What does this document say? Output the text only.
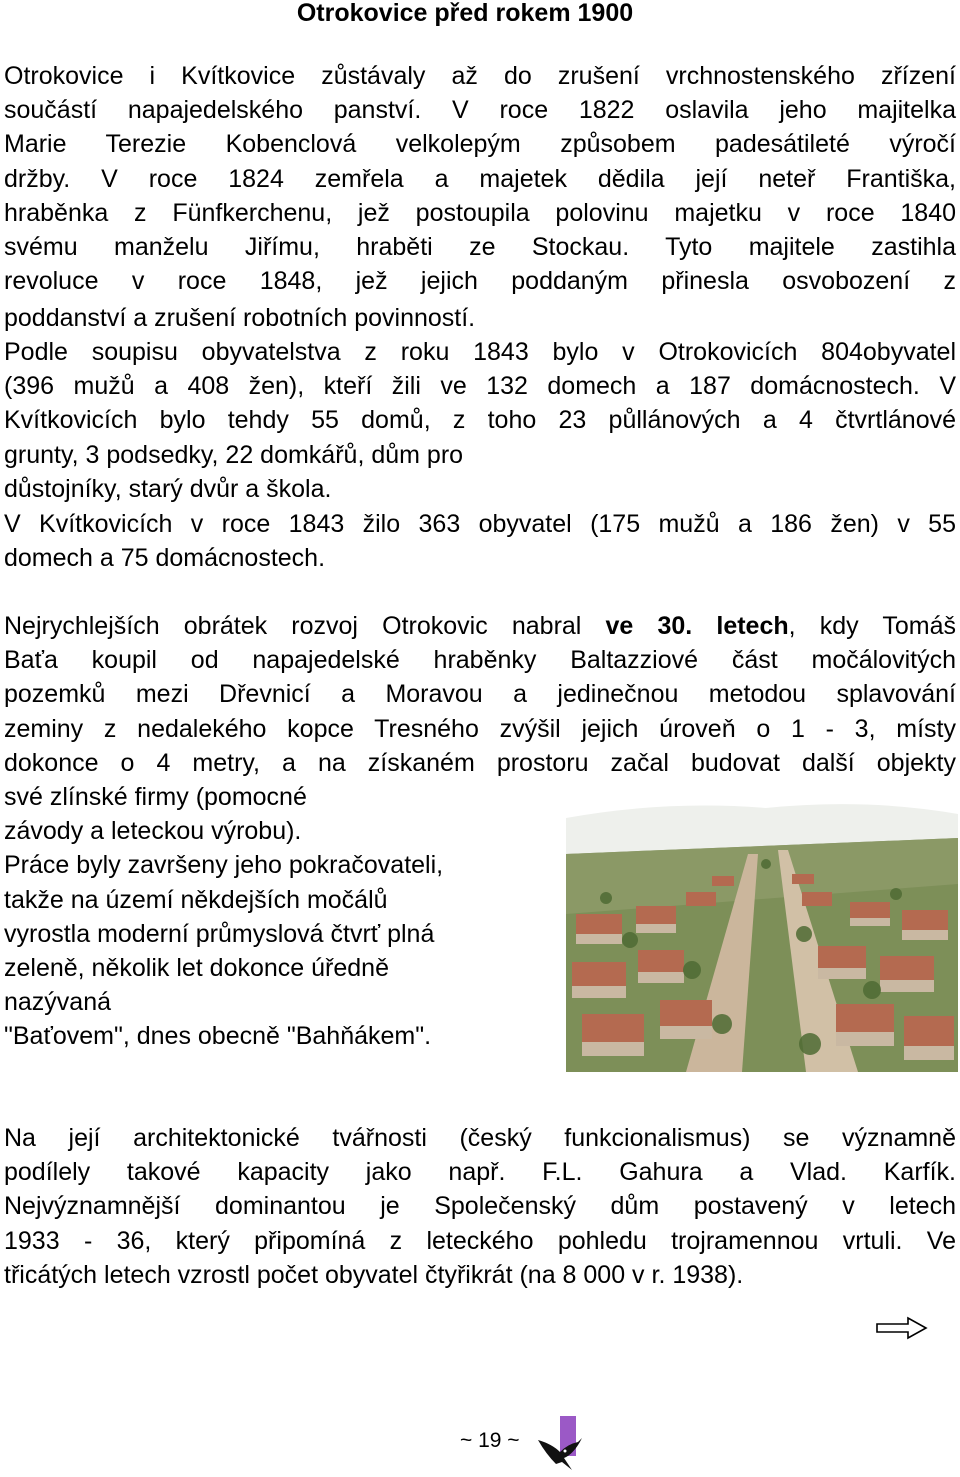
Otrokovice před rokem 1900
Otrokovice i Kvítkovice zůstávaly až do zrušení vrchnostenského zřízení
součástí napajedelského panství. V roce 1822 oslavila jeho majitelka
Marie Terezie Kobenclová velkolepým způsobem padesátileté výročí
držby. V roce 1824 zemřela a majetek dědila její neteř Františka,
hraběnka z Fünfkerchenu, jež postoupila polovinu majetku v roce 1840
svému manželu Jiřímu, hraběti ze Stockau. Tyto majitele zastihla
revoluce v roce 1848, jež jejich poddaným přinesla osvobození z
poddanství a zrušení robotních povinností.
Podle soupisu obyvatelstva z roku 1843 bylo v Otrokovicích 804obyvatel
(396 mužů a 408 žen), kteří žili ve 132 domech a 187 domácnostech. V
Kvítkovicích bylo tehdy 55 domů, z toho 23 půllánových a 4 čtvrtlánové
grunty, 3 podsedky, 22 domkářů, dům pro
důstojníky, starý dvůr a škola.
V Kvítkovicích v roce 1843 žilo 363 obyvatel (175 mužů a 186 žen) v 55
domech a 75 domácnostech.
Nejrychlejších obrátek rozvoj Otrokovic nabral ve 30. letech, kdy Tomáš
Baťa koupil od napajedelské hraběnky Baltazziové část močálovitých
pozemků mezi Dřevnicí a Moravou a jedinečnou metodou splavování
zeminy z nedalekého kopce Tresného zvýšil jejich úroveň o 1 - 3, místy
dokonce o 4 metry, a na získaném prostoru začal budovat další objekty
své zlínské firmy (pomocné
závody a leteckou výrobu).
Práce byly završeny jeho pokračovateli,
takže na území někdejších močálů
vyrostla moderní průmyslová čtvrť plná
zeleně, několik let dokonce úředně
nazývaná
"Baťovem", dnes obecně "Bahňákem".
Na její architektonické tvářnosti (český funkcionalismus) se významně
podílely takové kapacity jako např. F.L. Gahura a Vlad. Karfík.
Nejvýznamnější dominantou je Společenský dům postavený v letech
1933 - 36, který připomíná z leteckého pohledu trojramennou vrtuli. Ve
třicátých letech vzrostl počet obyvatel čtyřikrát (na 8 000 v r. 1938).
~ 19 ~
